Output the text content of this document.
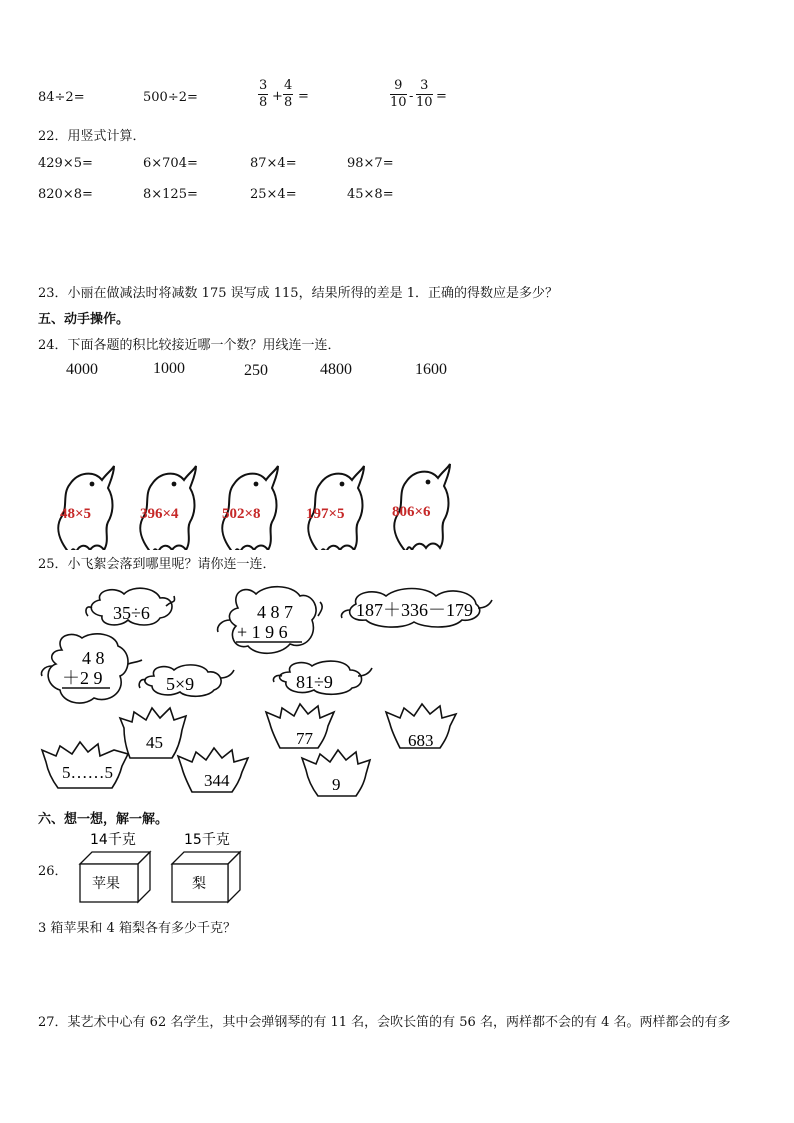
84÷2=	500÷2=	$\frac{3}{8} + \frac{4}{8}$ =	$\frac{9}{10} - \frac{3}{10}$ =
22．用竖式计算．
429×5=	6×704=	87×4=	98×7=
820×8=	8×125=	25×4=	45×8=
23．小丽在做减法时将减数 175 误写成 115，结果所得的差是 1．正确的得数应是多少？
五、动手操作。
24．下面各题的积比较接近哪一个数？用线连一连．
4000	1000	250	4800	1600
48×5	396×4	502×8	197×5	806×6
25．小飞絮会落到哪里呢？请你连一连．
35÷6	4 8 7
+ 1 9 6
187＋336－179
4 8
＋2 9	5×9	81÷9
45	77	683
5……5	344	9
六、想一想，解一解。
26．
14千克
苹果
15千克
梨
3 箱苹果和 4 箱梨各有多少千克？
27．某艺术中心有 62 名学生，其中会弹钢琴的有 11 名，会吹长笛的有 56 名，两样都不会的有 4 名。两样都会的有多
